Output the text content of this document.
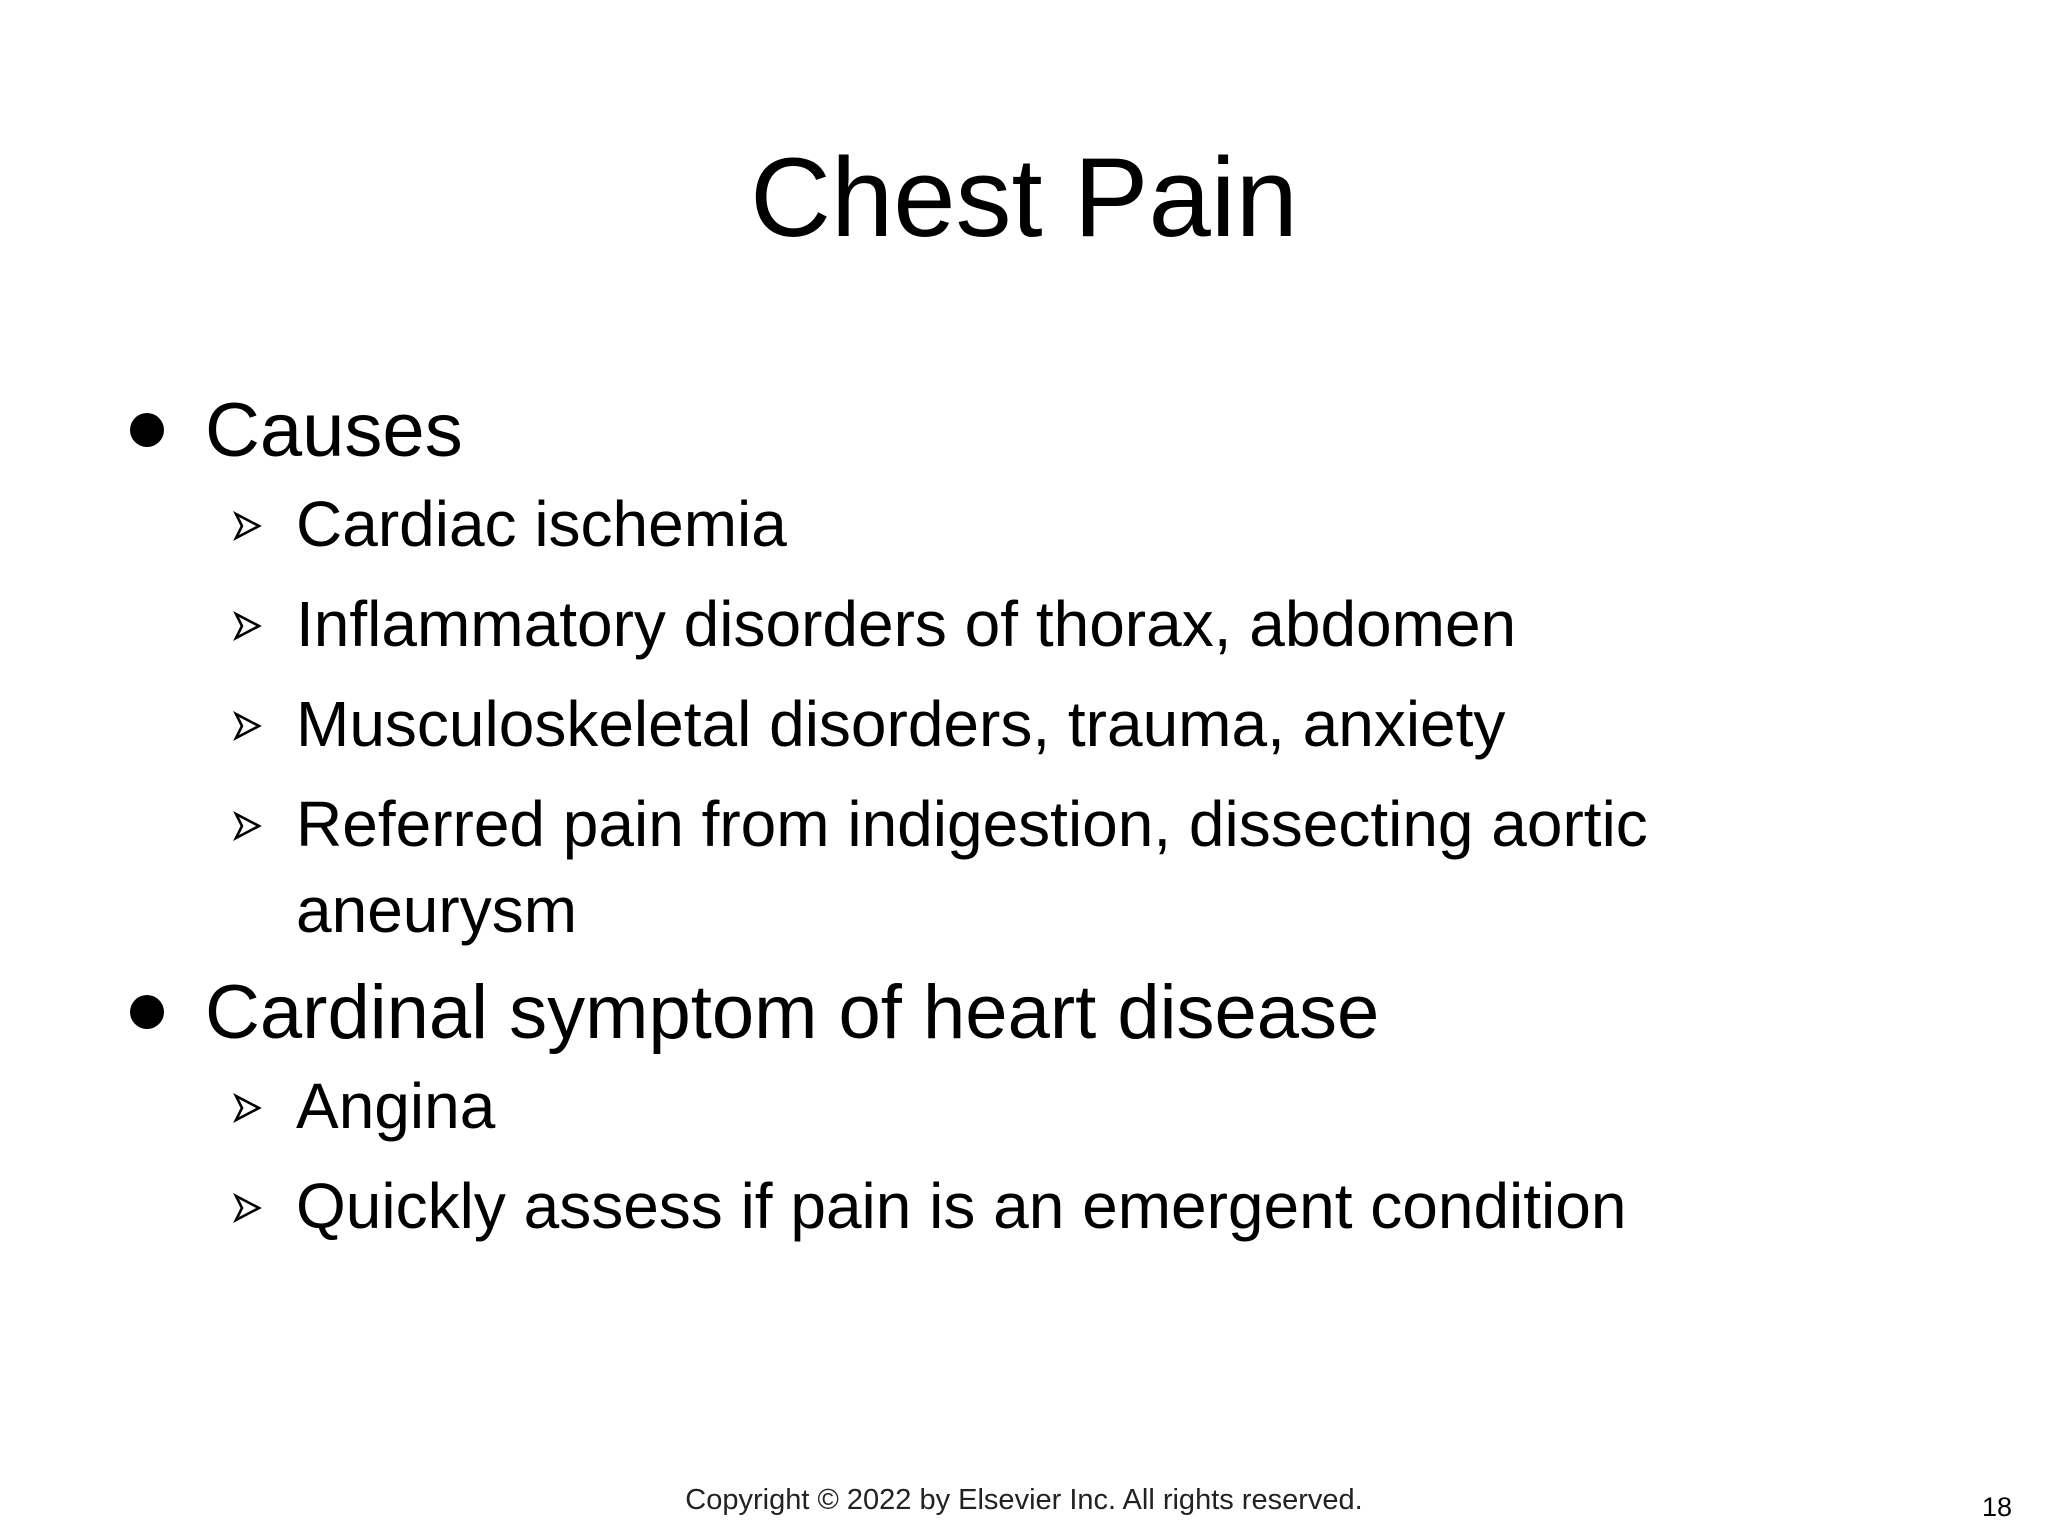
Chest Pain
Causes
Cardiac ischemia
Inflammatory disorders of thorax, abdomen
Musculoskeletal disorders, trauma, anxiety
Referred pain from indigestion, dissecting aortic aneurysm
Cardinal symptom of heart disease
Angina
Quickly assess if pain is an emergent condition
Copyright © 2022 by Elsevier Inc. All rights reserved.	18
